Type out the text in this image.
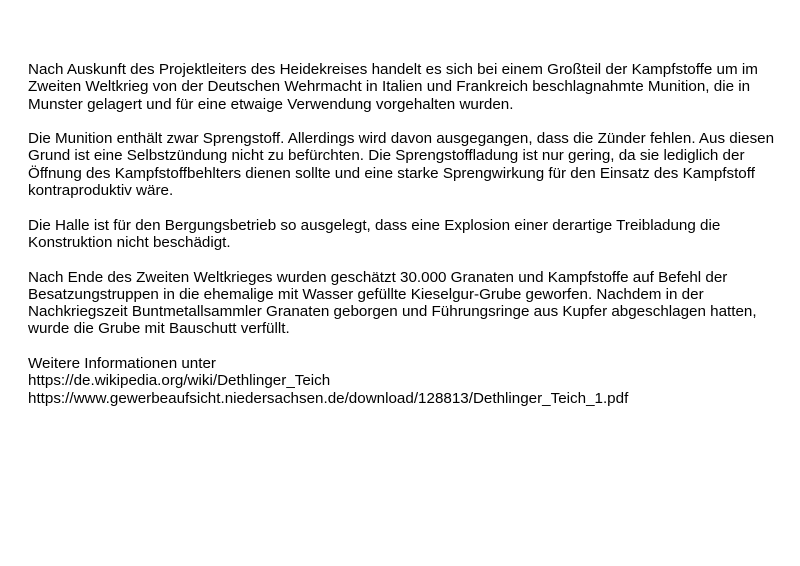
Nach Auskunft des Projektleiters des Heidekreises handelt es sich bei einem Großteil der Kampfstoffe um im Zweiten Weltkrieg von der Deutschen Wehrmacht in Italien und Frankreich beschlagnahmte Munition, die in Munster gelagert und für eine etwaige Verwendung vorgehalten wurden.

Die Munition enthält zwar Sprengstoff. Allerdings wird davon ausgegangen, dass die Zünder fehlen. Aus diesen Grund ist eine Selbstzündung nicht zu befürchten. Die Sprengstoffladung ist nur gering, da sie lediglich der Öffnung des Kampfstoffbehlters dienen sollte und eine starke Sprengwirkung für den Einsatz des Kampfstoff kontraproduktiv wäre.

Die Halle ist für den Bergungsbetrieb so ausgelegt, dass eine Explosion einer derartige Treibladung die Konstruktion nicht beschädigt.

Nach Ende des Zweiten Weltkrieges wurden geschätzt 30.000 Granaten und Kampfstoffe auf Befehl der Besatzungstruppen in die ehemalige mit Wasser gefüllte Kieselgur-Grube geworfen. Nachdem in der Nachkriegszeit Buntmetallsammler Granaten geborgen und Führungsringe aus Kupfer abgeschlagen hatten, wurde die Grube mit Bauschutt verfüllt.

Weitere Informationen unter
https://de.wikipedia.org/wiki/Dethlinger_Teich
https://www.gewerbeaufsicht.niedersachsen.de/download/128813/Dethlinger_Teich_1.pdf
